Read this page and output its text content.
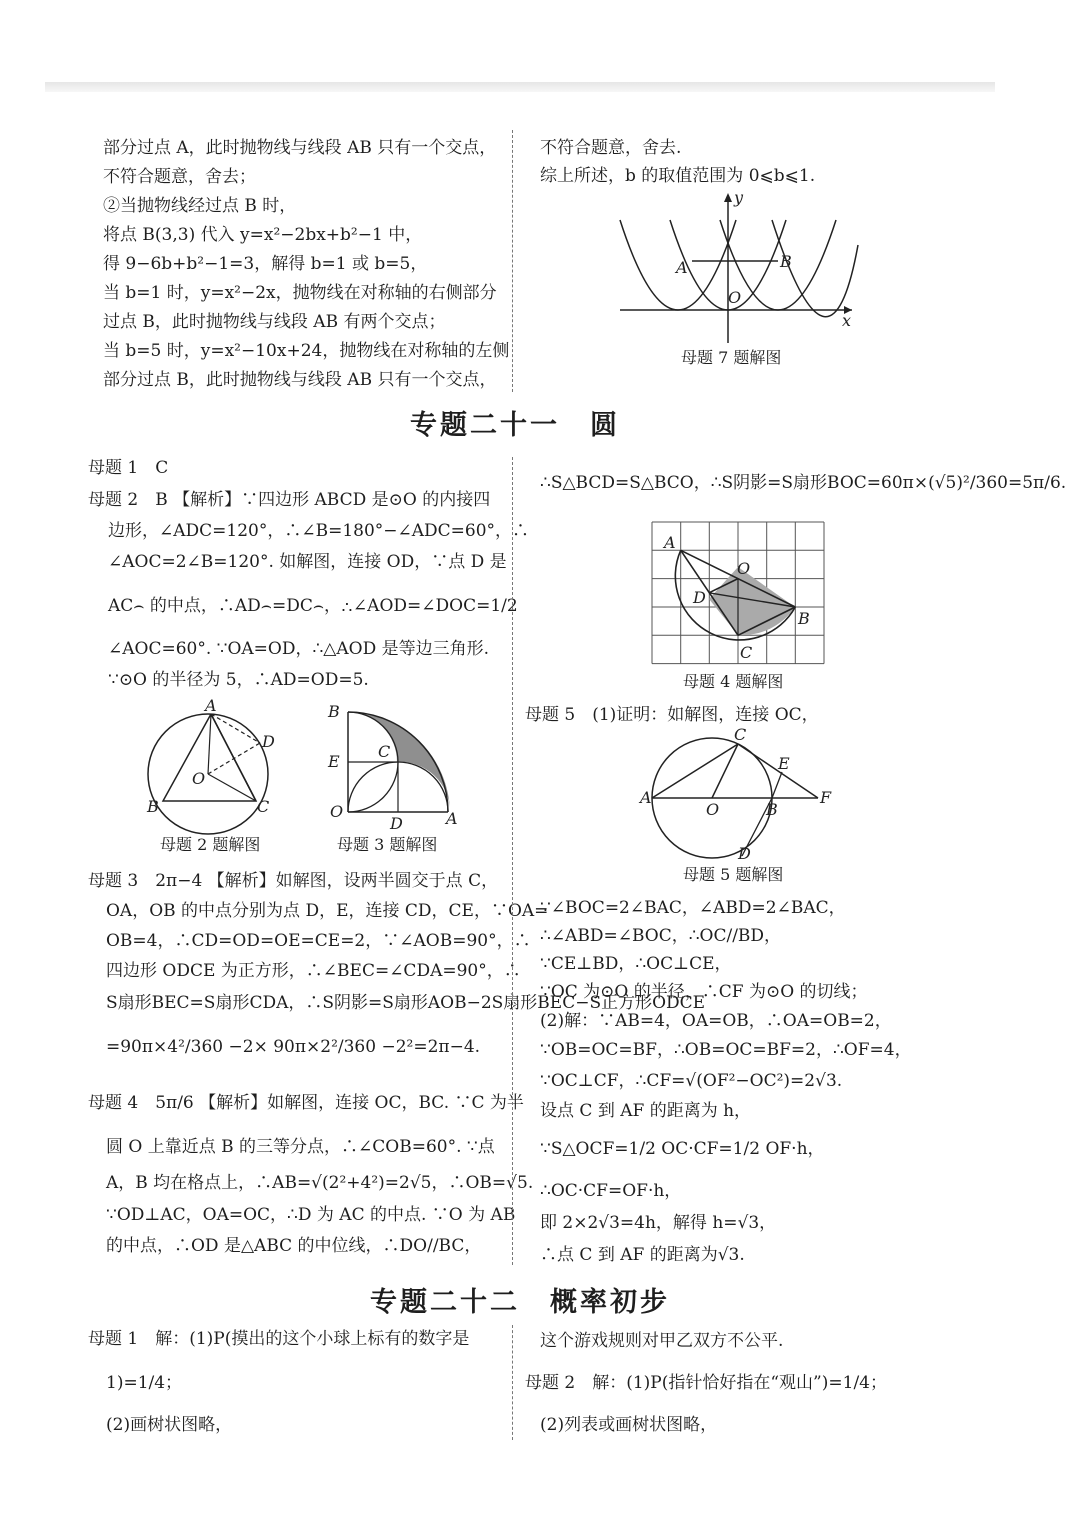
部分过点 A，此时抛物线与线段 AB 只有一个交点，
不符合题意，舍去；
②当抛物线经过点 B 时，
将点 B(3,3) 代入 y=x²−2bx+b²−1 中，
得 9−6b+b²−1=3，解得 b=1 或 b=5，
当 b=1 时，y=x²−2x，抛物线在对称轴的右侧部分
过点 B，此时抛物线与线段 AB 有两个交点；
当 b=5 时，y=x²−10x+24，抛物线在对称轴的左侧
部分过点 B，此时抛物线与线段 AB 只有一个交点，
不符合题意，舍去.
综上所述，b 的取值范围为 0⩽b⩽1.
y
A	B
O
x
母题 7 题解图
专题二十一　圆
母题 1　C
母题 2　B 【解析】∵四边形 ABCD 是⊙O 的内接四
边形，∠ADC=120°，∴∠B=180°−∠ADC=60°，∴
∠AOC=2∠B=120°. 如解图，连接 OD，∵点 D 是
AC⌢ 的中点，∴AD⌢=DC⌢，∴∠AOD=∠DOC=1/2
∠AOC=60°. ∵OA=OD，∴△AOD 是等边三角形.
∵⊙O 的半径为 5，∴AD=OD=5.
A
D
O
B	C
B
E
C
O
D	A
母题 2 题解图	母题 3 题解图
母题 3　2π−4 【解析】如解图，设两半圆交于点 C，
OA，OB 的中点分别为点 D，E，连接 CD，CE，∵OA=
OB=4，∴CD=OD=OE=CE=2，∵∠AOB=90°，∴
四边形 ODCE 为正方形，∴∠BEC=∠CDA=90°，∴
S扇形BEC=S扇形CDA，∴S阴影=S扇形AOB−2S扇形BEC−S正方形ODCE
=90π×4²/360 −2× 90π×2²/360 −2²=2π−4.
母题 4　5π/6 【解析】如解图，连接 OC，BC. ∵C 为半
圆 O 上靠近点 B 的三等分点，∴∠COB=60°. ∵点
A，B 均在格点上，∴AB=√(2²+4²)=2√5，∴OB=√5.
∵OD⊥AC，OA=OC，∴D 为 AC 的中点. ∵O 为 AB
的中点，∴OD 是△ABC 的中位线，∴DO//BC，
∴S△BCD=S△BCO，∴S阴影=S扇形BOC=60π×(√5)²/360=5π/6.
A
O
D
B
C
母题 4 题解图
母题 5　(1)证明：如解图，连接 OC，
C
E
A
O	B
F
D
母题 5 题解图
∵∠BOC=2∠BAC，∠ABD=2∠BAC，
∴∠ABD=∠BOC，∴OC//BD，
∵CE⊥BD，∴OC⊥CE，
∵OC 为⊙O 的半径，∴CF 为⊙O 的切线；
(2)解：∵AB=4，OA=OB，∴OA=OB=2，
∵OB=OC=BF，∴OB=OC=BF=2，∴OF=4，
∵OC⊥CF，∴CF=√(OF²−OC²)=2√3.
设点 C 到 AF 的距离为 h，
∵S△OCF=1/2 OC·CF=1/2 OF·h，
∴OC·CF=OF·h，
即 2×2√3=4h，解得 h=√3，
∴点 C 到 AF 的距离为√3.
专题二十二　概率初步
母题 1　解：(1)P(摸出的这个小球上标有的数字是
1)=1/4；
(2)画树状图略，
这个游戏规则对甲乙双方不公平.
母题 2　解：(1)P(指针恰好指在“观山”)=1/4；
(2)列表或画树状图略，
